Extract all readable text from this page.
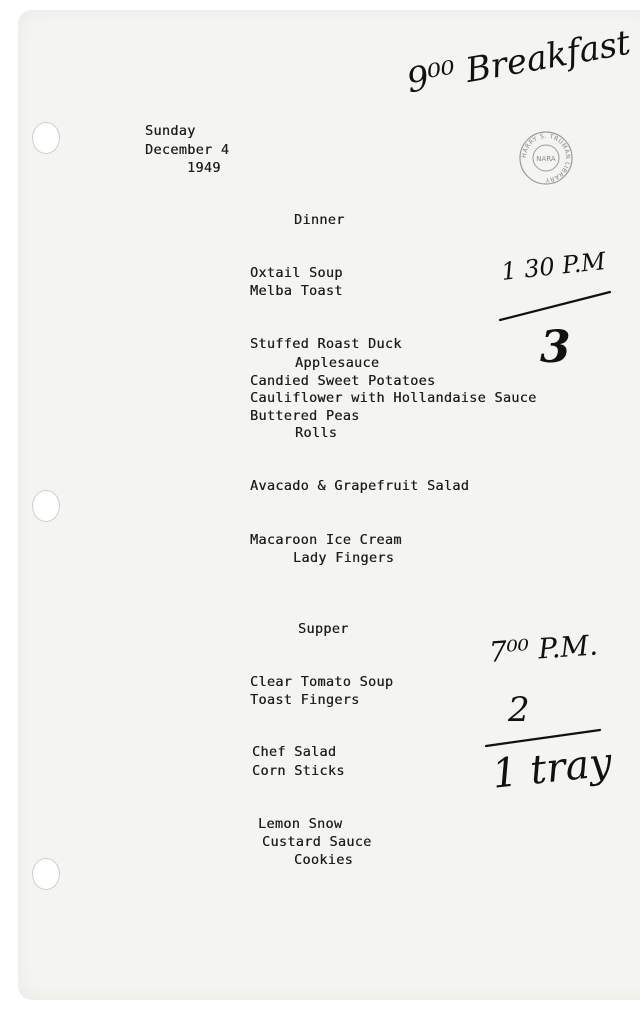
Sunday
December 4
1949
Dinner
Oxtail Soup
Melba Toast
Stuffed Roast Duck
Applesauce
Candied Sweet Potatoes
Cauliflower with Hollandaise Sauce
Buttered Peas
Rolls
Avacado & Grapefruit Salad
Macaroon Ice Cream
Lady Fingers
Supper
Clear Tomato Soup
Toast Fingers
Chef Salad
Corn Sticks
Lemon Snow
Custard Sauce
Cookies
9⁰⁰ Breakfast
1 30 P.M
3
7⁰⁰ P.M.
2
1 tray
HARRY S. TRUMAN LIBRARY
NARA
